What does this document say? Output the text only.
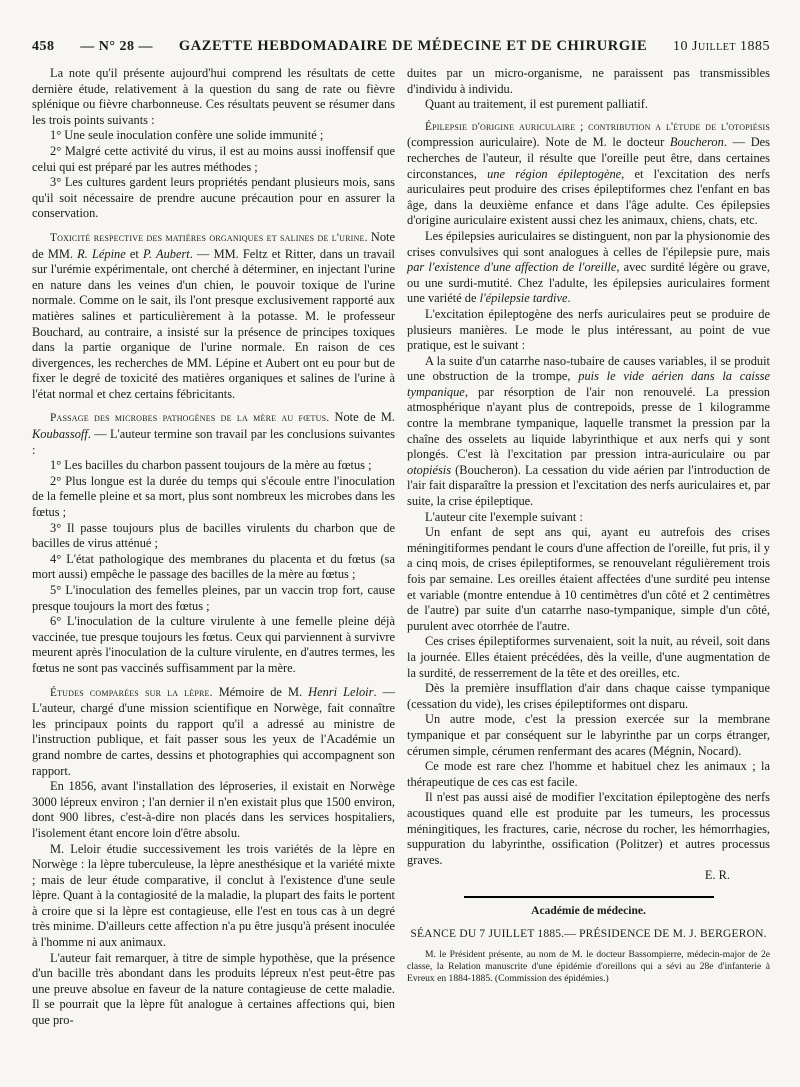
458 — N° 28 — GAZETTE HEBDOMADAIRE DE MÉDECINE ET DE CHIRURGIE 10 Juillet 1885

La note qu'il présente aujourd'hui comprend les résultats de cette dernière étude, relativement à la question du sang de rate ou fièvre splénique ou fièvre charbonneuse. Ces résultats peuvent se résumer dans les trois points suivants :

1° Une seule inoculation confère une solide immunité ;

2° Malgré cette activité du virus, il est au moins aussi inoffensif que celui qui est préparé par les autres méthodes ;

3° Les cultures gardent leurs propriétés pendant plusieurs mois, sans qu'il soit nécessaire de prendre aucune précaution pour en assurer la conservation.

Toxicité respective des matières organiques et salines de l'urine. Note de MM. R. Lépine et P. Aubert. — MM. Feltz et Ritter, dans un travail sur l'urémie expérimentale, ont cherché à déterminer, en injectant l'urine en nature dans les veines d'un chien, le pouvoir toxique de l'urine normale. Comme on le sait, ils l'ont presque exclusivement rapporté aux matières salines et particulièrement à la potasse. M. le professeur Bouchard, au contraire, a insisté sur la présence de principes toxiques dans la partie organique de l'urine normale. En raison de ces divergences, les recherches de MM. Lépine et Aubert ont eu pour but de fixer le degré de toxicité des matières organiques et salines de l'urine à l'état normal et chez certains fébricitants.

Passage des microbes pathogènes de la mère au fœtus. Note de M. Koubassoff. — L'auteur termine son travail par les conclusions suivantes :

1° Les bacilles du charbon passent toujours de la mère au fœtus ;

2° Plus longue est la durée du temps qui s'écoule entre l'inoculation de la femelle pleine et sa mort, plus sont nombreux les microbes dans les fœtus ;

3° Il passe toujours plus de bacilles virulents du charbon que de bacilles de virus atténué ;

4° L'état pathologique des membranes du placenta et du fœtus (sa mort aussi) empêche le passage des bacilles de la mère au fœtus ;

5° L'inoculation des femelles pleines, par un vaccin trop fort, cause presque toujours la mort des fœtus ;

6° L'inoculation de la culture virulente à une femelle pleine déjà vaccinée, tue presque toujours les fœtus. Ceux qui parviennent à survivre meurent après l'inoculation de la culture virulente, en d'autres termes, les fœtus ne sont pas vaccinés suffisamment par la mère.

Études comparées sur la lèpre. Mémoire de M. Henri Leloir. — L'auteur, chargé d'une mission scientifique en Norwège, fait connaître les principaux points du rapport qu'il a adressé au ministre de l'instruction publique, et fait passer sous les yeux de l'Académie un grand nombre de cartes, dessins et photographies qui accompagnent son rapport.

En 1856, avant l'installation des léproseries, il existait en Norwège 3000 lépreux environ ; l'an dernier il n'en existait plus que 1500 environ, dont 900 libres, c'est-à-dire non placés dans les services hospitaliers, l'isolement étant encore loin d'être absolu.

M. Leloir étudie successivement les trois variétés de la lèpre en Norwège : la lèpre tuberculeuse, la lèpre anesthésique et la variété mixte ; mais de leur étude comparative, il conclut à l'existence d'une seule lèpre. Quant à la contagiosité de la maladie, la plupart des faits le portent à croire que si la lèpre est contagieuse, elle l'est en tous cas à un degré très minime. D'ailleurs cette affection n'a pu être jusqu'à présent inoculée à l'homme ni aux animaux.

L'auteur fait remarquer, à titre de simple hypothèse, que la présence d'un bacille très abondant dans les produits lépreux n'est peut-être pas une preuve absolue en faveur de la nature contagieuse de cette maladie. Il se pourrait que la lèpre fût analogue à certaines affections qui, bien que pro-

duites par un micro-organisme, ne paraissent pas transmissibles d'individu à individu.

Quant au traitement, il est purement palliatif.

Épilepsie d'origine auriculaire ; contribution a l'étude de l'otopiésis (compression auriculaire). Note de M. le docteur Boucheron. — Des recherches de l'auteur, il résulte que l'oreille peut être, dans certaines circonstances, une région épileptogène, et l'excitation des nerfs auriculaires peut produire des crises épileptiformes chez l'enfant en bas âge, dans la deuxième enfance et dans l'âge adulte. Ces épilepsies d'origine auriculaire existent aussi chez les animaux, chiens, chats, etc.

Les épilepsies auriculaires se distinguent, non par la physionomie des crises convulsives qui sont analogues à celles de l'épilepsie pure, mais par l'existence d'une affection de l'oreille, avec surdité légère ou grave, ou une surdi-mutité. Chez l'adulte, les épilepsies auriculaires forment une variété de l'épilepsie tardive.

L'excitation épileptogène des nerfs auriculaires peut se produire de plusieurs manières. Le mode le plus intéressant, au point de vue pratique, est le suivant :

A la suite d'un catarrhe naso-tubaire de causes variables, il se produit une obstruction de la trompe, puis le vide aérien dans la caisse tympanique, par résorption de l'air non renouvelé. La pression atmosphérique n'ayant plus de contrepoids, presse de 1 kilogramme contre la membrane tympanique, laquelle transmet la pression par la chaîne des osselets au liquide labyrinthique et aux nerfs qui y sont plongés. C'est là l'excitation par pression intra-auriculaire ou par otopiésis (Boucheron). La cessation du vide aérien par l'introduction de l'air fait disparaître la pression et l'excitation des nerfs auriculaires et, par suite, la crise épileptique.

L'auteur cite l'exemple suivant :

Un enfant de sept ans qui, ayant eu autrefois des crises méningitiformes pendant le cours d'une affection de l'oreille, fut pris, il y a cinq mois, de crises épileptiformes, se renouvelant régulièrement trois fois par semaine. Les oreilles étaient affectées d'une surdité peu intense et variable (montre entendue à 10 centimètres d'un côté et 2 centimètres de l'autre) par suite d'un catarrhe naso-tympanique, simple d'un côté, purulent avec otorrhée de l'autre.

Ces crises épileptiformes survenaient, soit la nuit, au réveil, soit dans la journée. Elles étaient précédées, dès la veille, d'une augmentation de la surdité, de resserrement de la tête et des oreilles, etc.

Dès la première insufflation d'air dans chaque caisse tympanique (cessation du vide), les crises épileptiformes ont disparu.

Un autre mode, c'est la pression exercée sur la membrane tympanique et par conséquent sur le labyrinthe par un corps étranger, cérumen simple, cérumen renfermant des acares (Mégnin, Nocard).

Ce mode est rare chez l'homme et habituel chez les animaux ; la thérapeutique de ces cas est facile.

Il n'est pas aussi aisé de modifier l'excitation épileptogène des nerfs acoustiques quand elle est produite par les tumeurs, les processus méningitiques, les fractures, carie, nécrose du rocher, les hémorrhagies, suppuration du labyrinthe, ossification (Politzer) et autres processus graves.

E. R.

Académie de médecine.
SÉANCE DU 7 JUILLET 1885.— PRÉSIDENCE DE M. J. BERGERON.

M. le Président présente, au nom de M. le docteur Bassompierre, médecin-major de 2e classe, la Relation manuscrite d'une épidémie d'oreillons qui a sévi au 28e d'infanterie à Evreux en 1884-1885. (Commission des épidémies.)
